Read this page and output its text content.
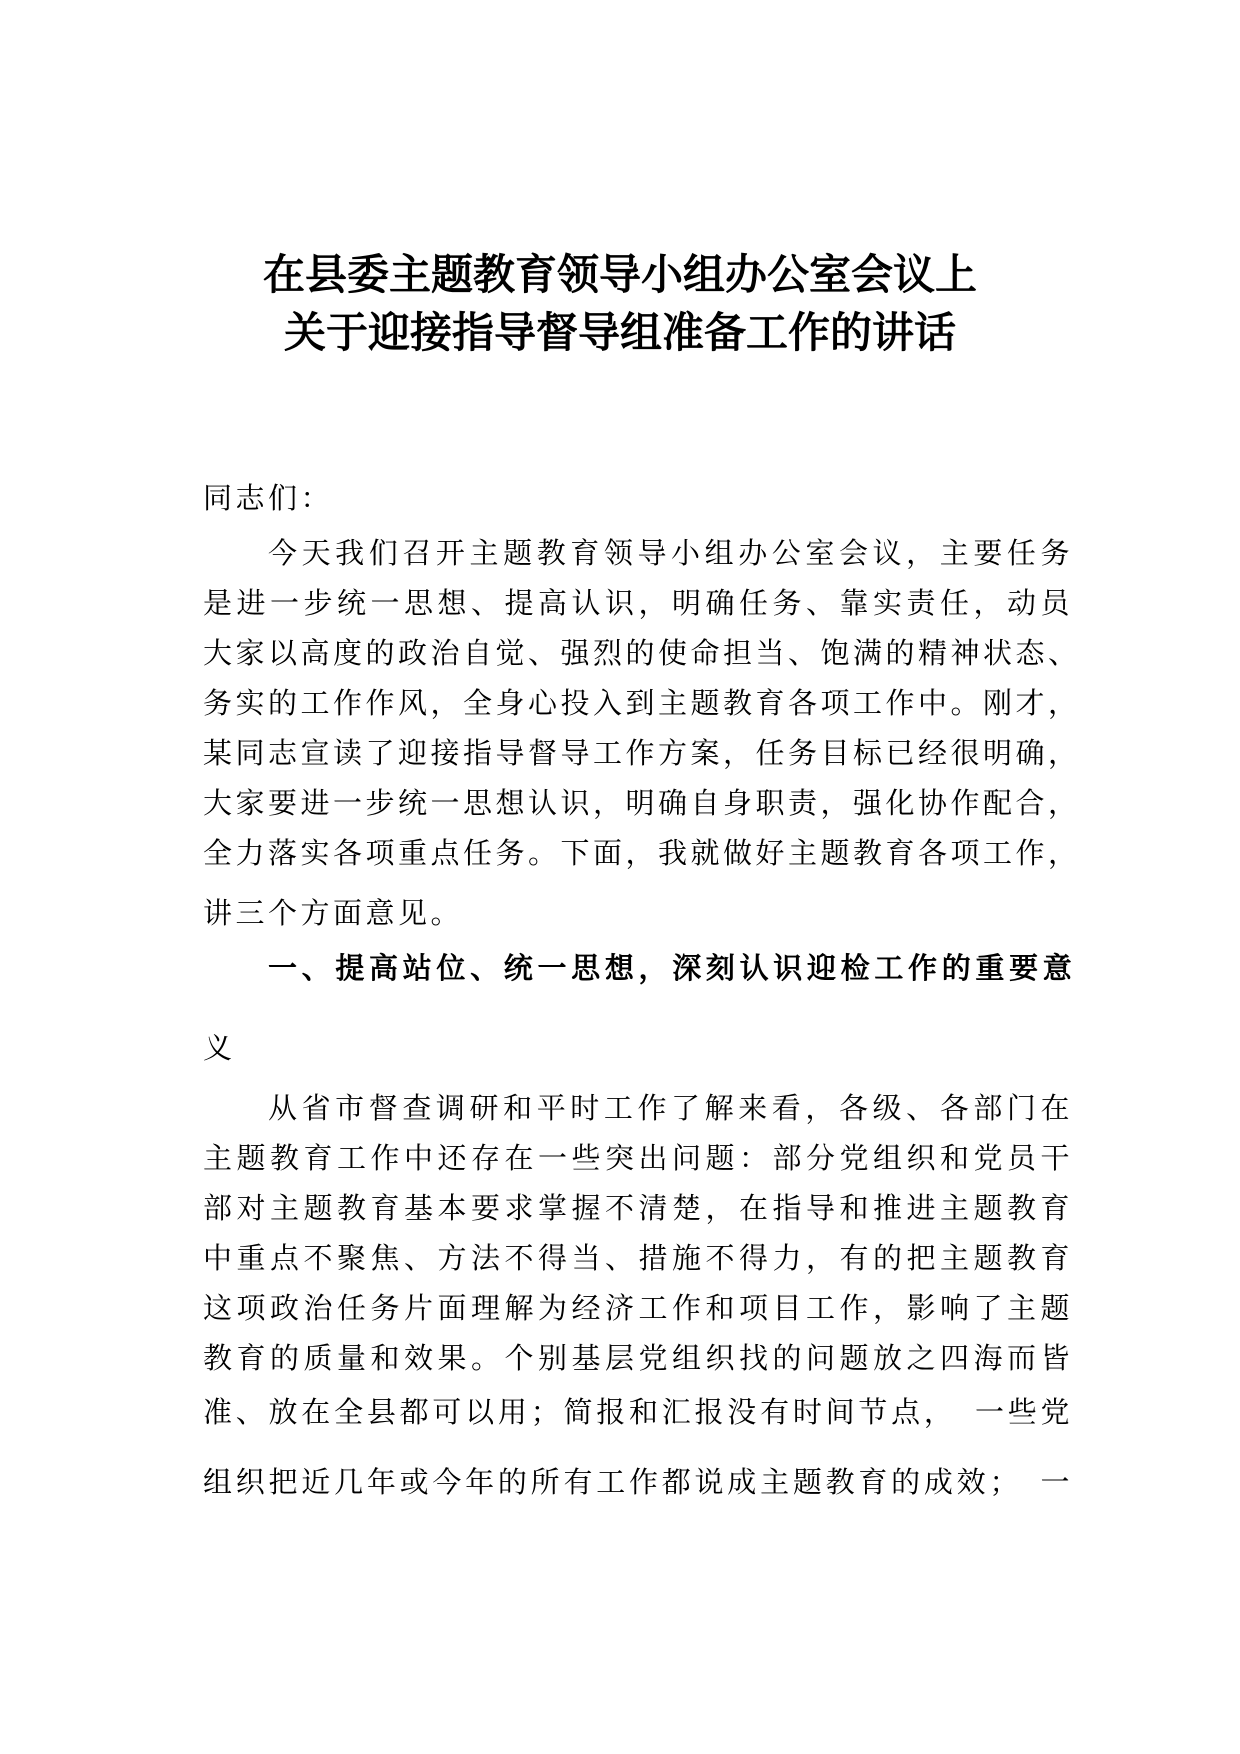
在县委主题教育领导小组办公室会议上
关于迎接指导督导组准备工作的讲话

同志们：

今天我们召开主题教育领导小组办公室会议，主要任务

是进一步统一思想、提高认识，明确任务、靠实责任，动员

大家以高度的政治自觉、强烈的使命担当、饱满的精神状态、

务实的工作作风，全身心投入到主题教育各项工作中。刚才，

某同志宣读了迎接指导督导工作方案，任务目标已经很明确，

大家要进一步统一思想认识，明确自身职责，强化协作配合，

全力落实各项重点任务。下面，我就做好主题教育各项工作，

讲三个方面意见。

一、提高站位、统一思想，深刻认识迎检工作的重要意

义

从省市督查调研和平时工作了解来看，各级、各部门在

主题教育工作中还存在一些突出问题：部分党组织和党员干

部对主题教育基本要求掌握不清楚，在指导和推进主题教育

中重点不聚焦、方法不得当、措施不得力，有的把主题教育

这项政治任务片面理解为经济工作和项目工作，影响了主题

教育的质量和效果。个别基层党组织找的问题放之四海而皆

准、放在全县都可以用；简报和汇报没有时间节点，　一些党

组织把近几年或今年的所有工作都说成主题教育的成效；　一
